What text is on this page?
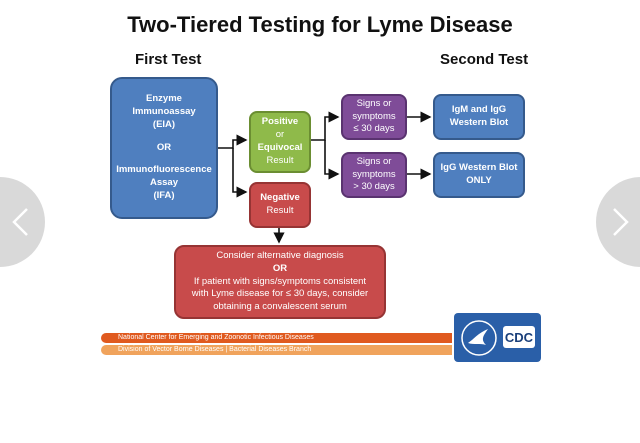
Two-Tiered Testing for Lyme Disease
First Test	Second Test
Enzyme
Immunoassay
(EIA)
OR
Immunofluorescence
Assay
(IFA)
Positive
or
Equivocal
Result
Negative
Result
Signs or
symptoms
≤ 30 days
Signs or
symptoms
> 30 days
IgM and IgG
Western Blot
IgG Western Blot
ONLY
Consider alternative diagnosis
OR
If patient with signs/symptoms consistent
with Lyme disease for ≤ 30 days, consider
obtaining a convalescent serum
National Center for Emerging and Zoonotic Infectious Diseases
Division of Vector Borne Diseases | Bacterial Diseases Branch
CDC
